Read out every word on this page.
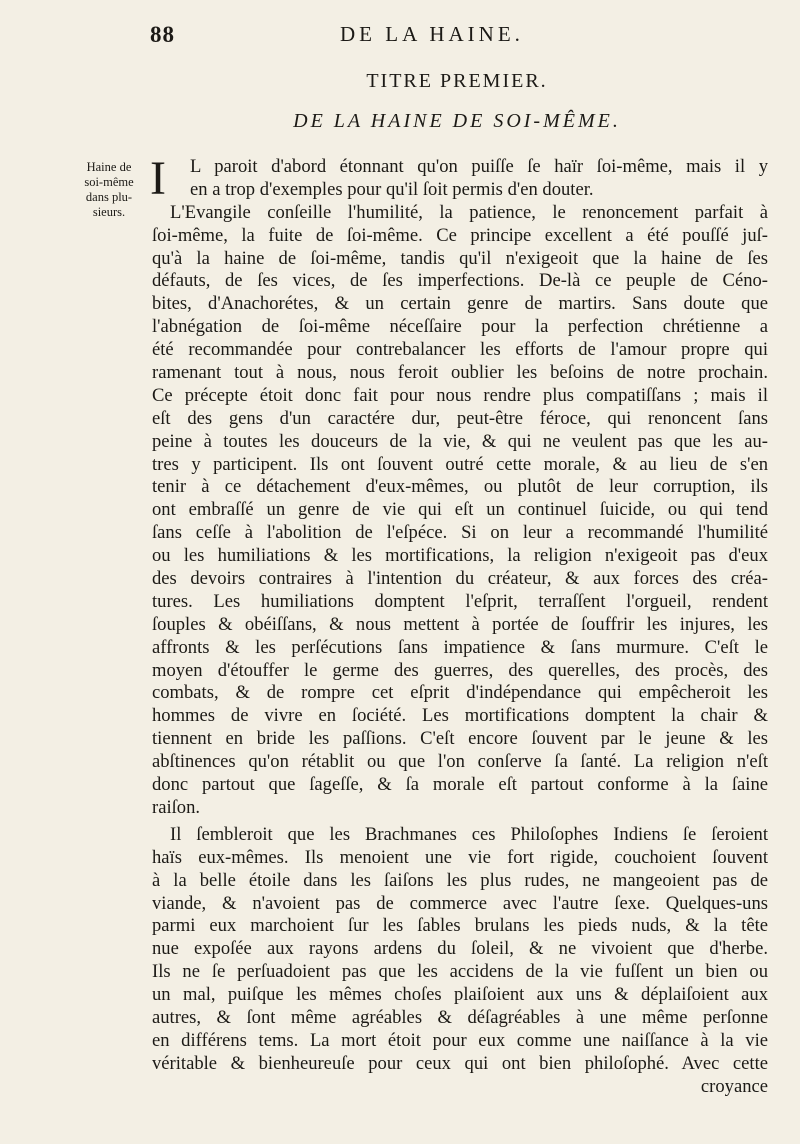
88	DE LA HAINE.
TITRE PREMIER.
DE LA HAINE DE SOI-MÊME.
Haine de
soi-même
dans plu-
sieurs.
I	L paroit d'abord étonnant qu'on puiſſe ſe haïr ſoi-même, mais il y
en a trop d'exemples pour qu'il ſoit permis d'en douter.
L'Evangile conſeille l'humilité, la patience, le renoncement parfait à
ſoi-même, la fuite de ſoi-même. Ce principe excellent a été pouſſé juſ-
qu'à la haine de ſoi-même, tandis qu'il n'exigeoit que la haine de ſes
défauts, de ſes vices, de ſes imperfections. De-là ce peuple de Céno-
bites, d'Anachorétes, & un certain genre de martirs. Sans doute que
l'abnégation de ſoi-même néceſſaire pour la perfection chrétienne a
été recommandée pour contrebalancer les efforts de l'amour propre qui
ramenant tout à nous, nous feroit oublier les beſoins de notre prochain.
Ce précepte étoit donc fait pour nous rendre plus compatiſſans ; mais il
eſt des gens d'un caractére dur, peut-être féroce, qui renoncent ſans
peine à toutes les douceurs de la vie, & qui ne veulent pas que les au-
tres y participent. Ils ont ſouvent outré cette morale, & au lieu de s'en
tenir à ce détachement d'eux-mêmes, ou plutôt de leur corruption, ils
ont embraſſé un genre de vie qui eſt un continuel ſuicide, ou qui tend
ſans ceſſe à l'abolition de l'eſpéce. Si on leur a recommandé l'humilité
ou les humiliations & les mortifications, la religion n'exigeoit pas d'eux
des devoirs contraires à l'intention du créateur, & aux forces des créa-
tures. Les humiliations domptent l'eſprit, terraſſent l'orgueil, rendent
ſouples & obéiſſans, & nous mettent à portée de ſouffrir les injures, les
affronts & les perſécutions ſans impatience & ſans murmure. C'eſt le
moyen d'étouffer le germe des guerres, des querelles, des procès, des
combats, & de rompre cet eſprit d'indépendance qui empêcheroit les
hommes de vivre en ſociété. Les mortifications domptent la chair &
tiennent en bride les paſſions. C'eſt encore ſouvent par le jeune & les
abſtinences qu'on rétablit ou que l'on conſerve ſa ſanté. La religion n'eſt
donc partout que ſageſſe, & ſa morale eſt partout conforme à la ſaine
raiſon.
Il ſembleroit que les Brachmanes ces Philoſophes Indiens ſe ſeroient
haïs eux-mêmes. Ils menoient une vie fort rigide, couchoient ſouvent
à la belle étoile dans les ſaiſons les plus rudes, ne mangeoient pas de
viande, & n'avoient pas de commerce avec l'autre ſexe. Quelques-uns
parmi eux marchoient ſur les ſables brulans les pieds nuds, & la tête
nue expoſée aux rayons ardens du ſoleil, & ne vivoient que d'herbe.
Ils ne ſe perſuadoient pas que les accidens de la vie fuſſent un bien ou
un mal, puiſque les mêmes choſes plaiſoient aux uns & déplaiſoient aux
autres, & ſont même agréables & déſagréables à une même perſonne
en différens tems. La mort étoit pour eux comme une naiſſance à la vie
véritable & bienheureuſe pour ceux qui ont bien philoſophé. Avec cette
croyance
